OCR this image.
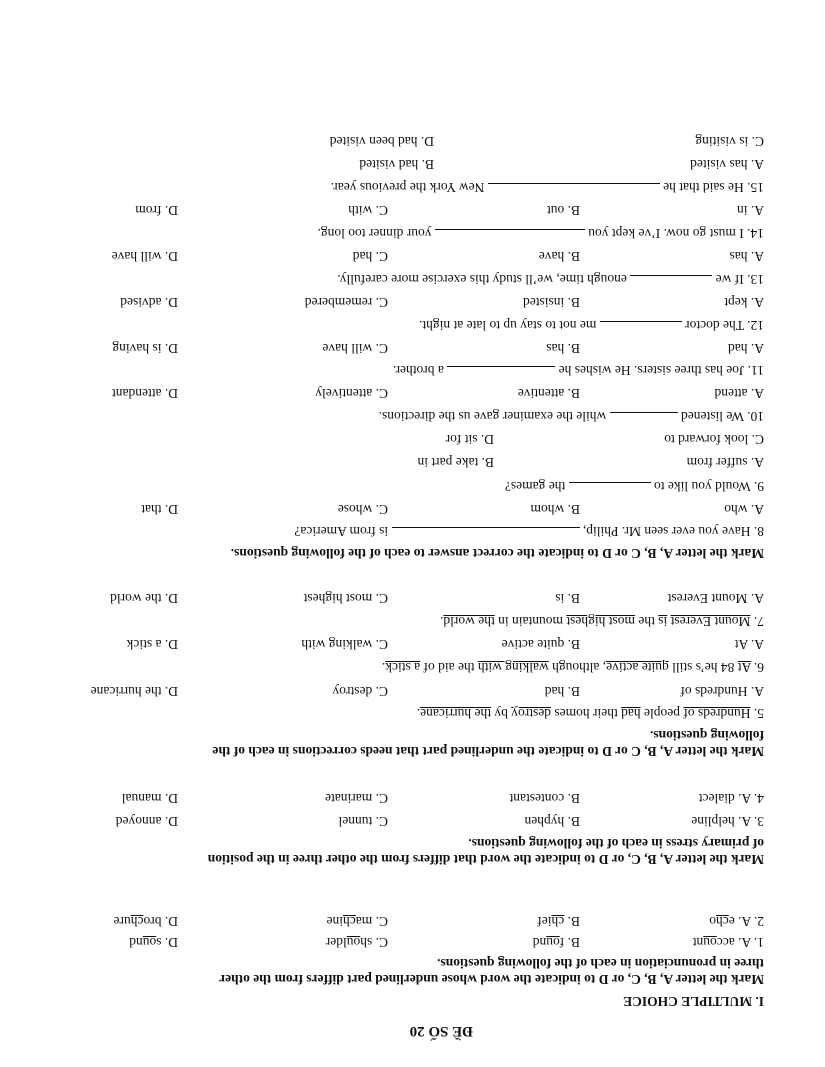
ĐỀ SỐ 20
I. MULTIPLE CHOICE
Mark the letter A, B, C, or D to indicate the word whose underlined part differs from the other
three in pronunciation in each of the following questions.
1. A. account
B. found
C. shoulder
D. sound
2. A. echo
B. chief
C. machine
D. brochure
Mark the letter A, B, C, or D to indicate the word that differs from the other three in the position
of primary stress in each of the following questions.
3. A. helpline
B. hyphen
C. tunnel
D. annoyed
4. A. dialect
B. contestant
C. marinate
D. manual
Mark the letter A, B, C or D to indicate the underlined part that needs corrections in each of the
following questions.
5. Hundreds of people had their homes destroy by the hurricane.
A. Hundreds of
B. had
C. destroy
D. the hurricane
6. At 84 he’s still quite active, although walking with the aid of a stick.
A. At
B. quite active
C. walking with
D. a stick
7. Mount Everest is the most highest mountain in the world.
A. Mount Everest
B. is
C. most highest
D. the world
Mark the letter A, B, C or D to indicate the correct answer to each of the following questions.
8. Have you ever seen Mr. Philip,  is from America?
A. who
B. whom
C. whose
D. that
9. Would you like to  the games?
A. suffer from
B. take part in
C. look forward to
D. sit for
10. We listened  while the examiner gave us the directions.
A. attend
B. attentive
C. attentively
D. attendant
11. Joe has three sisters. He wishes he  a brother.
A. had
B. has
C. will have
D. is having
12. The doctor  me not to stay up to late at night.
A. kept
B. insisted
C. remembered
D. advised
13. If we  enough time, we’ll study this exercise more carefully.
A. has
B. have
C. had
D. will have
14. I must go now. I’ve kept you  your dinner too long.
A. in
B. out
C. with
D. from
15. He said that he  New York the previous year.
A. has visited
B. had visited
C. is visiting
D. had been visited
